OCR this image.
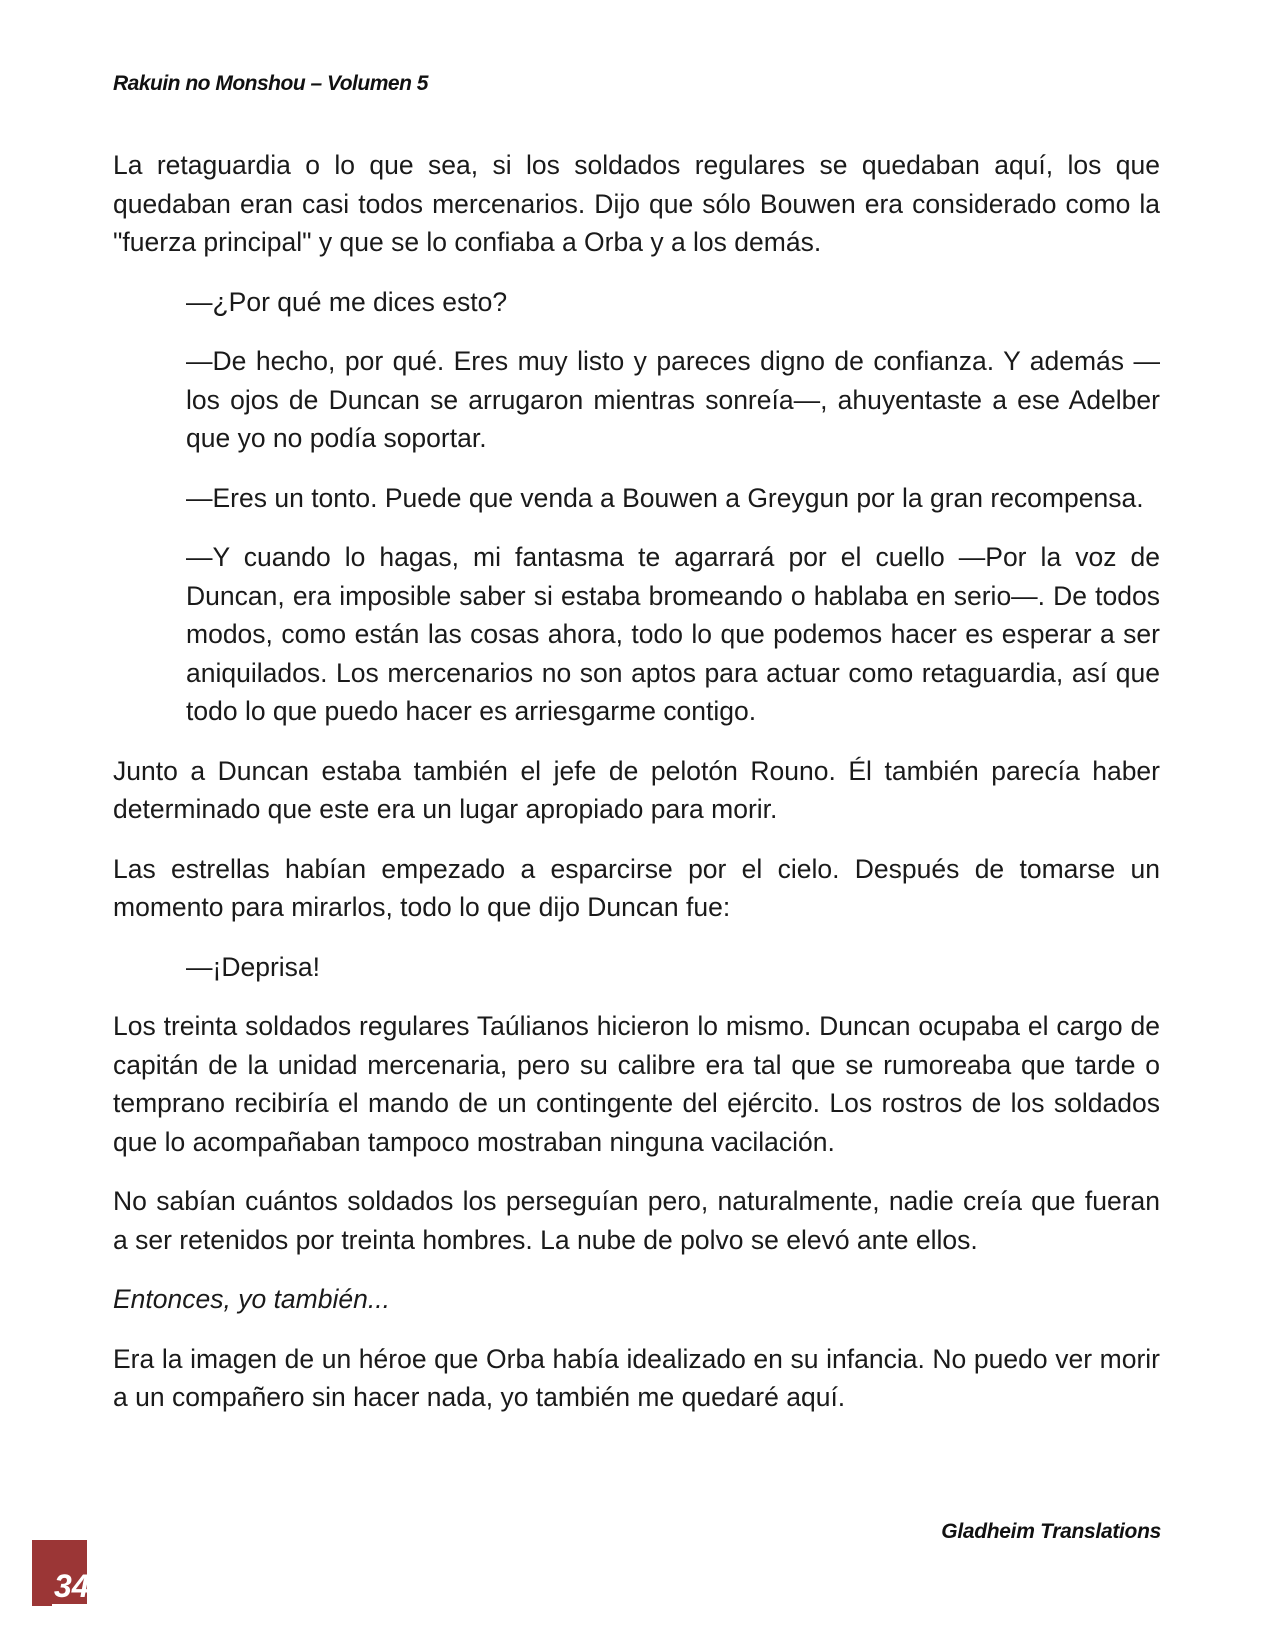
Rakuin no Monshou – Volumen 5

La retaguardia o lo que sea, si los soldados regulares se quedaban aquí, los que quedaban eran casi todos mercenarios. Dijo que sólo Bouwen era considerado como la "fuerza principal" y que se lo confiaba a Orba y a los demás.

—¿Por qué me dices esto?

—De hecho, por qué. Eres muy listo y pareces digno de confianza. Y además —los ojos de Duncan se arrugaron mientras sonreía—, ahuyentaste a ese Adelber que yo no podía soportar.

—Eres un tonto. Puede que venda a Bouwen a Greygun por la gran recompensa.

—Y cuando lo hagas, mi fantasma te agarrará por el cuello —Por la voz de Duncan, era imposible saber si estaba bromeando o hablaba en serio—. De todos modos, como están las cosas ahora, todo lo que podemos hacer es esperar a ser aniquilados. Los mercenarios no son aptos para actuar como retaguardia, así que todo lo que puedo hacer es arriesgarme contigo.

Junto a Duncan estaba también el jefe de pelotón Rouno. Él también parecía haber determinado que este era un lugar apropiado para morir.

Las estrellas habían empezado a esparcirse por el cielo. Después de tomarse un momento para mirarlos, todo lo que dijo Duncan fue:

—¡Deprisa!

Los treinta soldados regulares Taúlianos hicieron lo mismo. Duncan ocupaba el cargo de capitán de la unidad mercenaria, pero su calibre era tal que se rumoreaba que tarde o temprano recibiría el mando de un contingente del ejército. Los rostros de los soldados que lo acompañaban tampoco mostraban ninguna vacilación.

No sabían cuántos soldados los perseguían pero, naturalmente, nadie creía que fueran a ser retenidos por treinta hombres. La nube de polvo se elevó ante ellos.

Entonces, yo también...

Era la imagen de un héroe que Orba había idealizado en su infancia. No puedo ver morir a un compañero sin hacer nada, yo también me quedaré aquí.

Gladheim Translations
34
